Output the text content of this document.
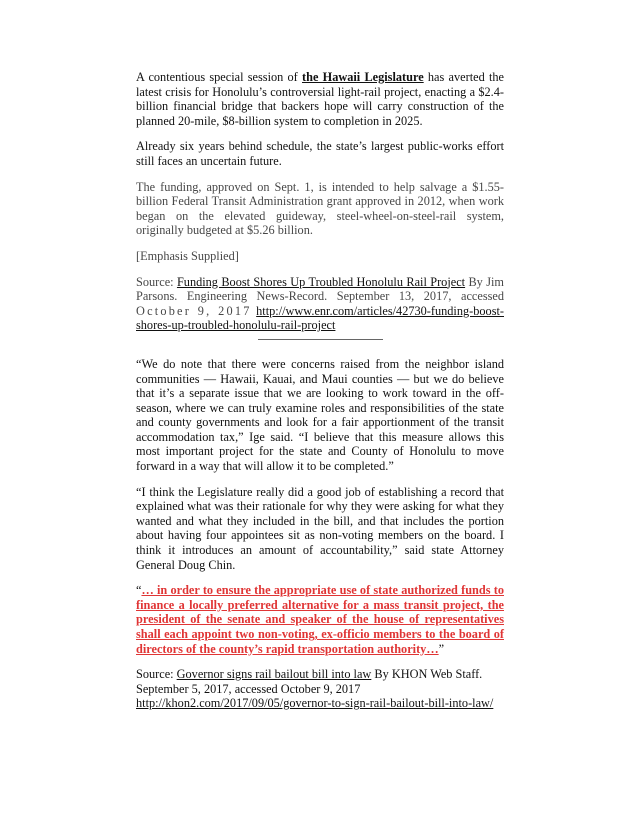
A contentious special session of the Hawaii Legislature has averted the latest crisis for Honolulu’s controversial light-rail project, enacting a $2.4-billion financial bridge that backers hope will carry construction of the planned 20-mile, $8-billion system to completion in 2025.

Already six years behind schedule, the state’s largest public-works effort still faces an uncertain future.

The funding, approved on Sept. 1, is intended to help salvage a $1.55-billion Federal Transit Administration grant approved in 2012, when work began on the elevated guideway, steel-wheel-on-steel-rail system, originally budgeted at $5.26 billion.

[Emphasis Supplied]

Source: Funding Boost Shores Up Troubled Honolulu Rail Project By Jim Parsons. Engineering News-Record. September 13, 2017, accessed October 9, 2017 http://www.enr.com/articles/42730-funding-boost-shores-up-troubled-honolulu-rail-project

“We do note that there were concerns raised from the neighbor island communities — Hawaii, Kauai, and Maui counties — but we do believe that it’s a separate issue that we are looking to work toward in the off-season, where we can truly examine roles and responsibilities of the state and county governments and look for a fair apportionment of the transit accommodation tax,” Ige said. “I believe that this measure allows this most important project for the state and County of Honolulu to move forward in a way that will allow it to be completed.”

“I think the Legislature really did a good job of establishing a record that explained what was their rationale for why they were asking for what they wanted and what they included in the bill, and that includes the portion about having four appointees sit as non-voting members on the board. I think it introduces an amount of accountability,” said state Attorney General Doug Chin.

“… in order to ensure the appropriate use of state authorized funds to finance a locally preferred alternative for a mass transit project, the president of the senate and speaker of the house of representatives shall each appoint two non-voting, ex-officio members to the board of directors of the county’s rapid transportation authority…”

Source: Governor signs rail bailout bill into law By KHON Web Staff.

September 5, 2017, accessed October 9, 2017

http://khon2.com/2017/09/05/governor-to-sign-rail-bailout-bill-into-law/
